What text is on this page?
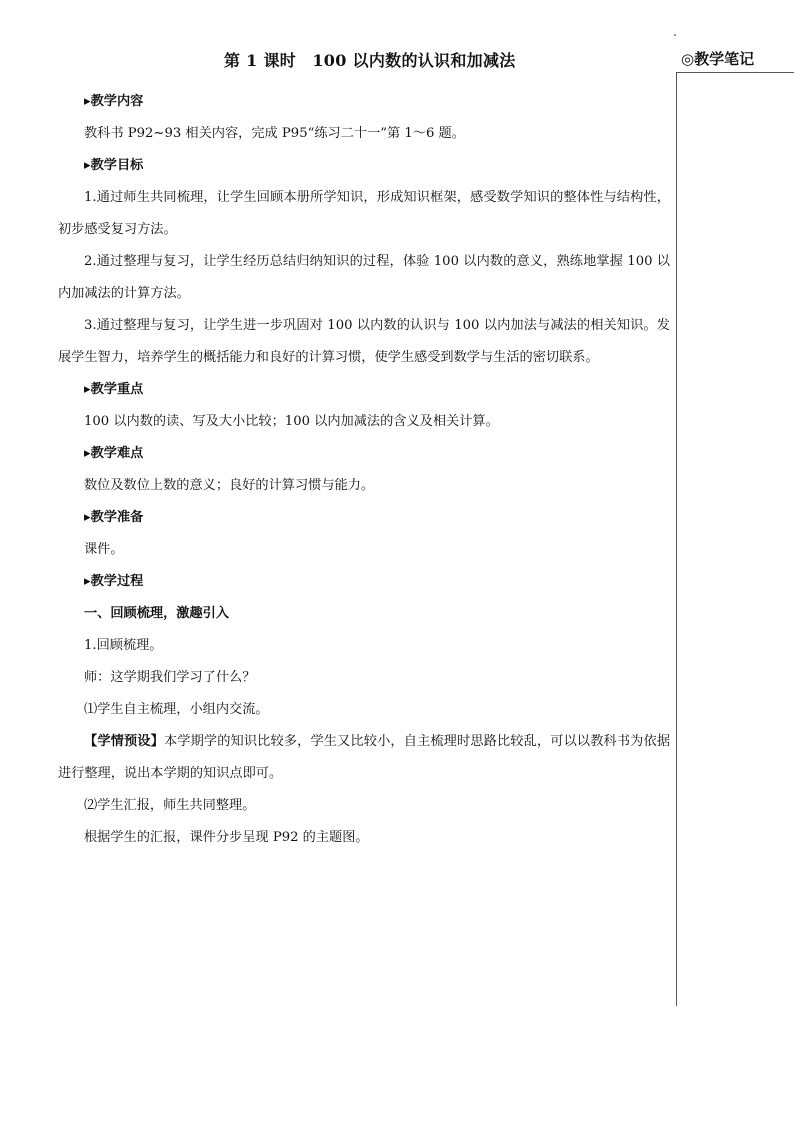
第 1 课时　100 以内数的认识和加减法	◎教学笔记

▸教学内容

教科书 P92~93 相关内容，完成 P95“练习二十一”第 1～6 题。

▸教学目标

1.通过师生共同梳理，让学生回顾本册所学知识，形成知识框架，感受数学知识的整体性与结构性，初步感受复习方法。

2.通过整理与复习，让学生经历总结归纳知识的过程，体验 100 以内数的意义，熟练地掌握 100 以内加减法的计算方法。

3.通过整理与复习，让学生进一步巩固对 100 以内数的认识与 100 以内加法与减法的相关知识。发展学生智力，培养学生的概括能力和良好的计算习惯，使学生感受到数学与生活的密切联系。

▸教学重点

100 以内数的读、写及大小比较；100 以内加减法的含义及相关计算。

▸教学难点

数位及数位上数的意义；良好的计算习惯与能力。

▸教学准备

课件。

▸教学过程

一、回顾梳理，激趣引入

1.回顾梳理。

师：这学期我们学习了什么？

⑴学生自主梳理，小组内交流。

【学情预设】本学期学的知识比较多，学生又比较小，自主梳理时思路比较乱，可以以教科书为依据进行整理，说出本学期的知识点即可。

⑵学生汇报，师生共同整理。

根据学生的汇报，课件分步呈现 P92 的主题图。
